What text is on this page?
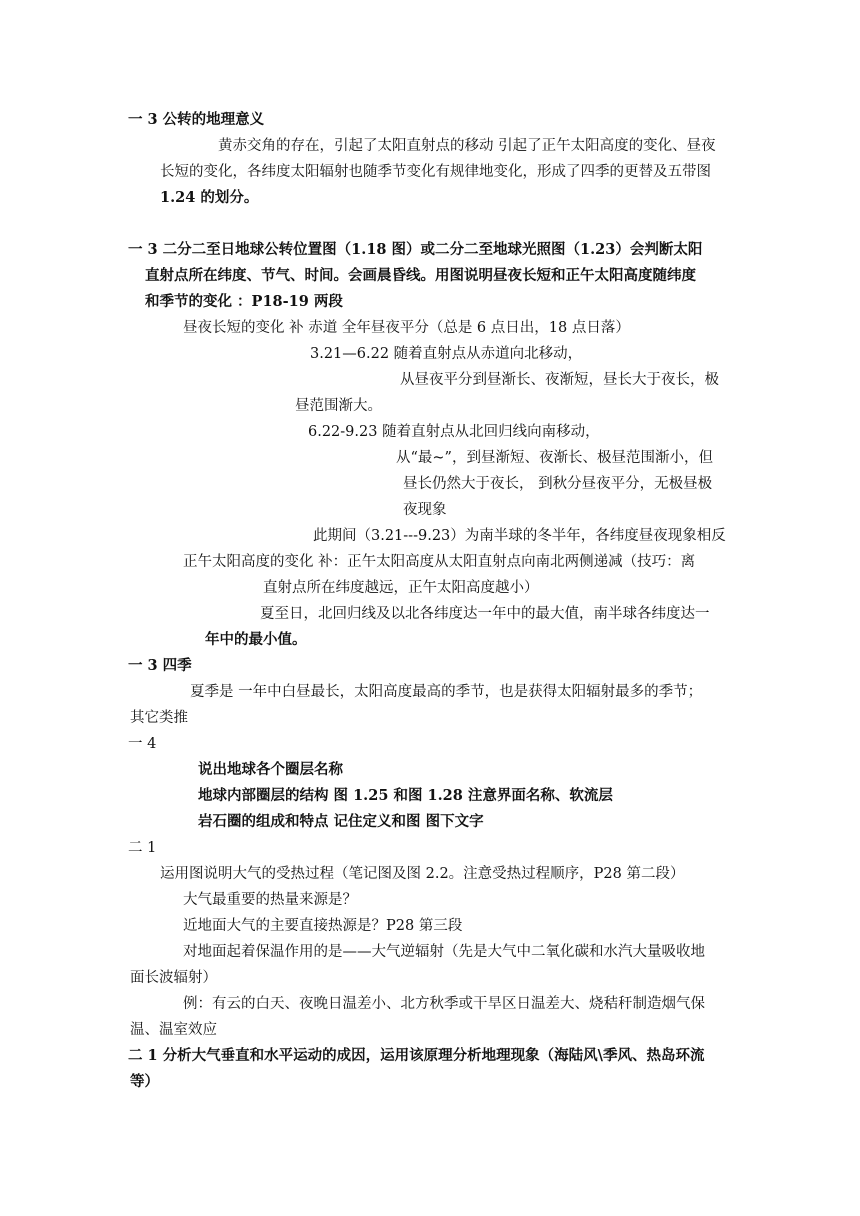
一 3 公转的地理意义
黄赤交角的存在，引起了太阳直射点的移动 引起了正午太阳高度的变化、昼夜
长短的变化，各纬度太阳辐射也随季节变化有规律地变化，形成了四季的更替及五带图
1.24 的划分。
一 3 二分二至日地球公转位置图（1.18 图）或二分二至地球光照图（1.23）会判断太阳
直射点所在纬度、节气、时间。会画晨昏线。用图说明昼夜长短和正午太阳高度随纬度
和季节的变化 ：P18-19 两段
昼夜长短的变化 补 赤道 全年昼夜平分（总是 6 点日出，18 点日落）
3.21—6.22 随着直射点从赤道向北移动，
从昼夜平分到昼渐长、夜渐短，昼长大于夜长，极
昼范围渐大。
6.22-9.23 随着直射点从北回归线向南移动，
从“最~”，到昼渐短、夜渐长、极昼范围渐小，但
昼长仍然大于夜长， 到秋分昼夜平分，无极昼极
夜现象
此期间（3.21---9.23）为南半球的冬半年，各纬度昼夜现象相反
正午太阳高度的变化 补：正午太阳高度从太阳直射点向南北两侧递减（技巧：离
直射点所在纬度越远，正午太阳高度越小）
夏至日，北回归线及以北各纬度达一年中的最大值，南半球各纬度达一
年中的最小值。
一 3 四季
夏季是 一年中白昼最长，太阳高度最高的季节，也是获得太阳辐射最多的季节；
其它类推
一 4
说出地球各个圈层名称
地球内部圈层的结构 图 1.25 和图 1.28 注意界面名称、软流层
岩石圈的组成和特点 记住定义和图 图下文字
二 1
运用图说明大气的受热过程（笔记图及图 2.2。注意受热过程顺序，P28 第二段）
大气最重要的热量来源是？
近地面大气的主要直接热源是？P28 第三段
对地面起着保温作用的是——大气逆辐射（先是大气中二氧化碳和水汽大量吸收地
面长波辐射）
例：有云的白天、夜晚日温差小、北方秋季或干旱区日温差大、烧秸秆制造烟气保
温、温室效应
二 1 分析大气垂直和水平运动的成因，运用该原理分析地理现象（海陆风\季风、热岛环流
等）
